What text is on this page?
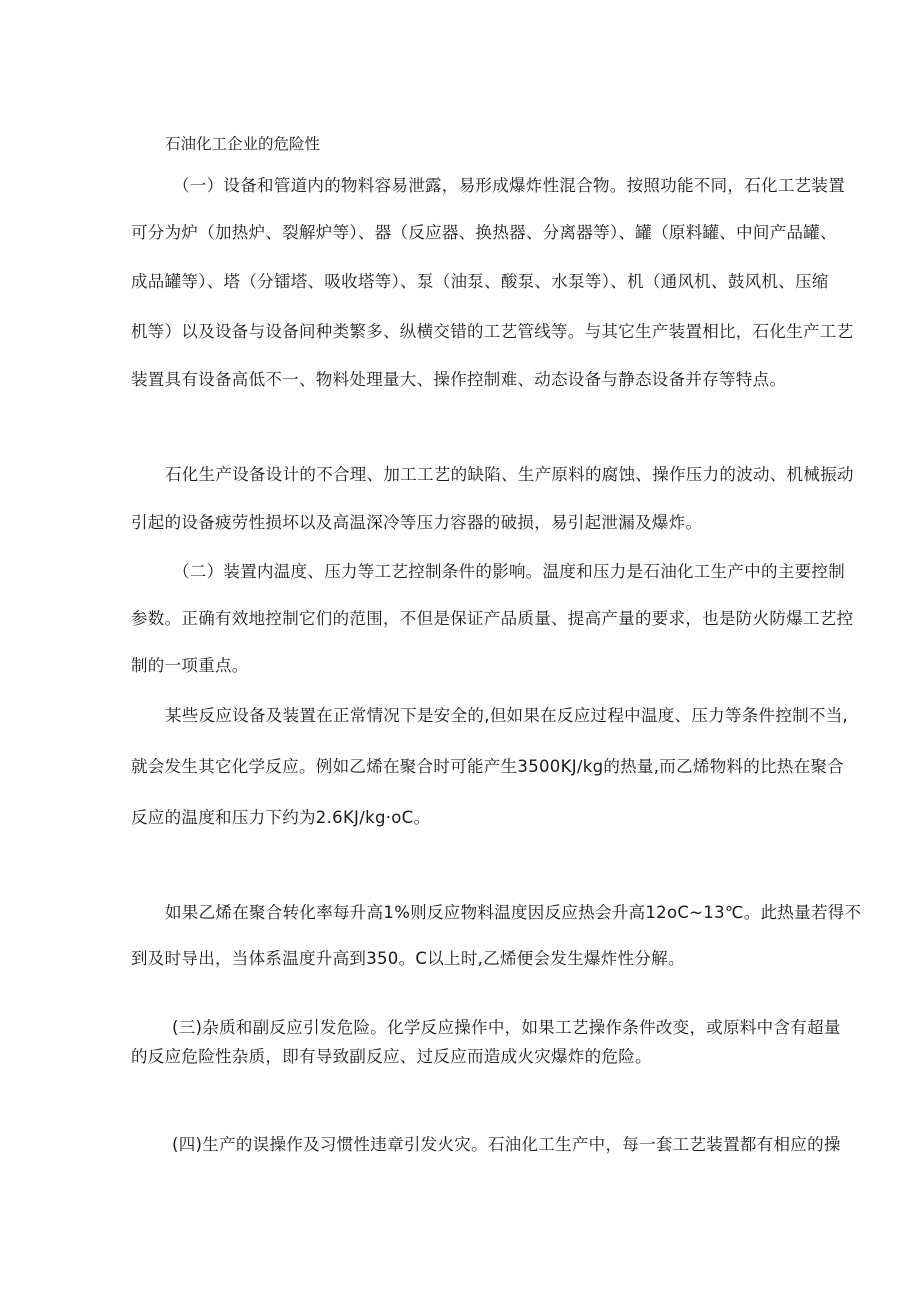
石油化工企业的危险性
（一）设备和管道内的物料容易泄露，易形成爆炸性混合物。按照功能不同，石化工艺装置
可分为炉（加热炉、裂解炉等）、器（反应器、换热器、分离器等）、罐（原料罐、中间产品罐、
成品罐等）、塔（分镭塔、吸收塔等）、泵（油泵、酸泵、水泵等）、机（通风机、鼓风机、压缩
机等）以及设备与设备间种类繁多、纵横交错的工艺管线等。与其它生产装置相比，石化生产工艺
装置具有设备高低不一、物料处理量大、操作控制难、动态设备与静态设备并存等特点。
石化生产设备设计的不合理、加工工艺的缺陷、生产原料的腐蚀、操作压力的波动、机械振动
引起的设备疲劳性损坏以及高温深冷等压力容器的破损，易引起泄漏及爆炸。
（二）装置内温度、压力等工艺控制条件的影响。温度和压力是石油化工生产中的主要控制
参数。正确有效地控制它们的范围，不但是保证产品质量、提高产量的要求，也是防火防爆工艺控
制的一项重点。
某些反应设备及装置在正常情况下是安全的,但如果在反应过程中温度、压力等条件控制不当,
就会发生其它化学反应。例如乙烯在聚合时可能产生3500KJ∕kg的热量,而乙烯物料的比热在聚合
反应的温度和压力下约为2.6KJ∕kg·oC。
如果乙烯在聚合转化率每升高1%则反应物料温度因反应热会升高12oC~13℃。此热量若得不
到及时导出，当体系温度升高到350。C以上时,乙烯便会发生爆炸性分解。
(三)杂质和副反应引发危险。化学反应操作中，如果工艺操作条件改变，或原料中含有超量
的反应危险性杂质，即有导致副反应、过反应而造成火灾爆炸的危险。
(四)生产的误操作及习惯性违章引发火灾。石油化工生产中，每一套工艺装置都有相应的操
